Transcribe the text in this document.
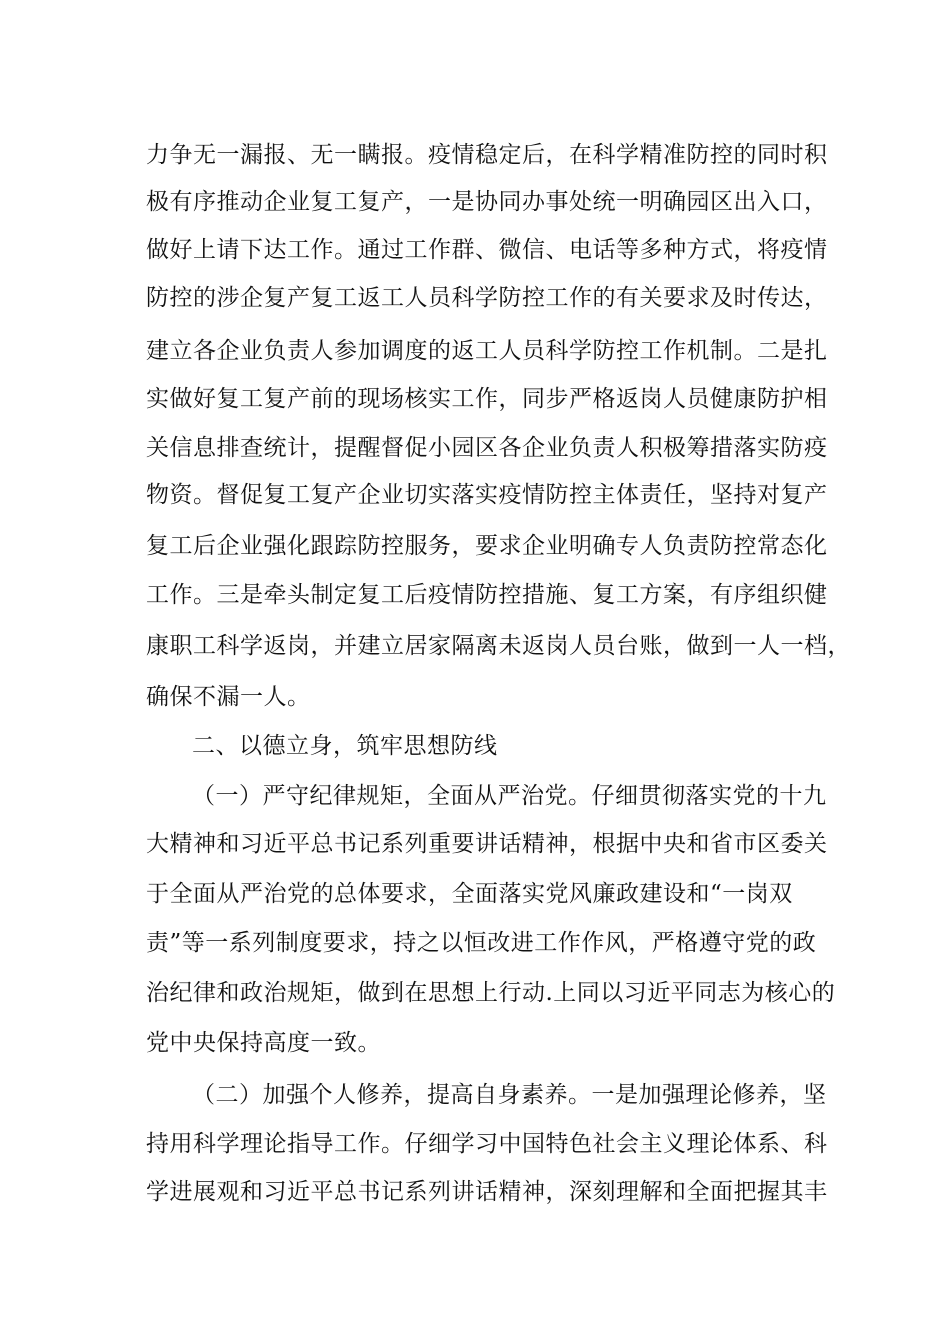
力争无一漏报、无一瞒报。疫情稳定后，在科学精准防控的同时积
极有序推动企业复工复产，一是协同办事处统一明确园区出入口，
做好上请下达工作。通过工作群、微信、电话等多种方式，将疫情
防控的涉企复产复工返工人员科学防控工作的有关要求及时传达，
建立各企业负责人参加调度的返工人员科学防控工作机制。二是扎
实做好复工复产前的现场核实工作，同步严格返岗人员健康防护相
关信息排查统计，提醒督促小园区各企业负责人积极筹措落实防疫
物资。督促复工复产企业切实落实疫情防控主体责任，坚持对复产
复工后企业强化跟踪防控服务，要求企业明确专人负责防控常态化
工作。三是牵头制定复工后疫情防控措施、复工方案，有序组织健
康职工科学返岗，并建立居家隔离未返岗人员台账，做到一人一档，
确保不漏一人。
二、以德立身，筑牢思想防线
（一）严守纪律规矩，全面从严治党。仔细贯彻落实党的十九
大精神和习近平总书记系列重要讲话精神，根据中央和省市区委关
于全面从严治党的总体要求，全面落实党风廉政建设和“一岗双
责”等一系列制度要求，持之以恒改进工作作风，严格遵守党的政
治纪律和政治规矩，做到在思想上行动.上同以习近平同志为核心的
党中央保持高度一致。
（二）加强个人修养，提高自身素养。一是加强理论修养，坚
持用科学理论指导工作。仔细学习中国特色社会主义理论体系、科
学进展观和习近平总书记系列讲话精神，深刻理解和全面把握其丰
